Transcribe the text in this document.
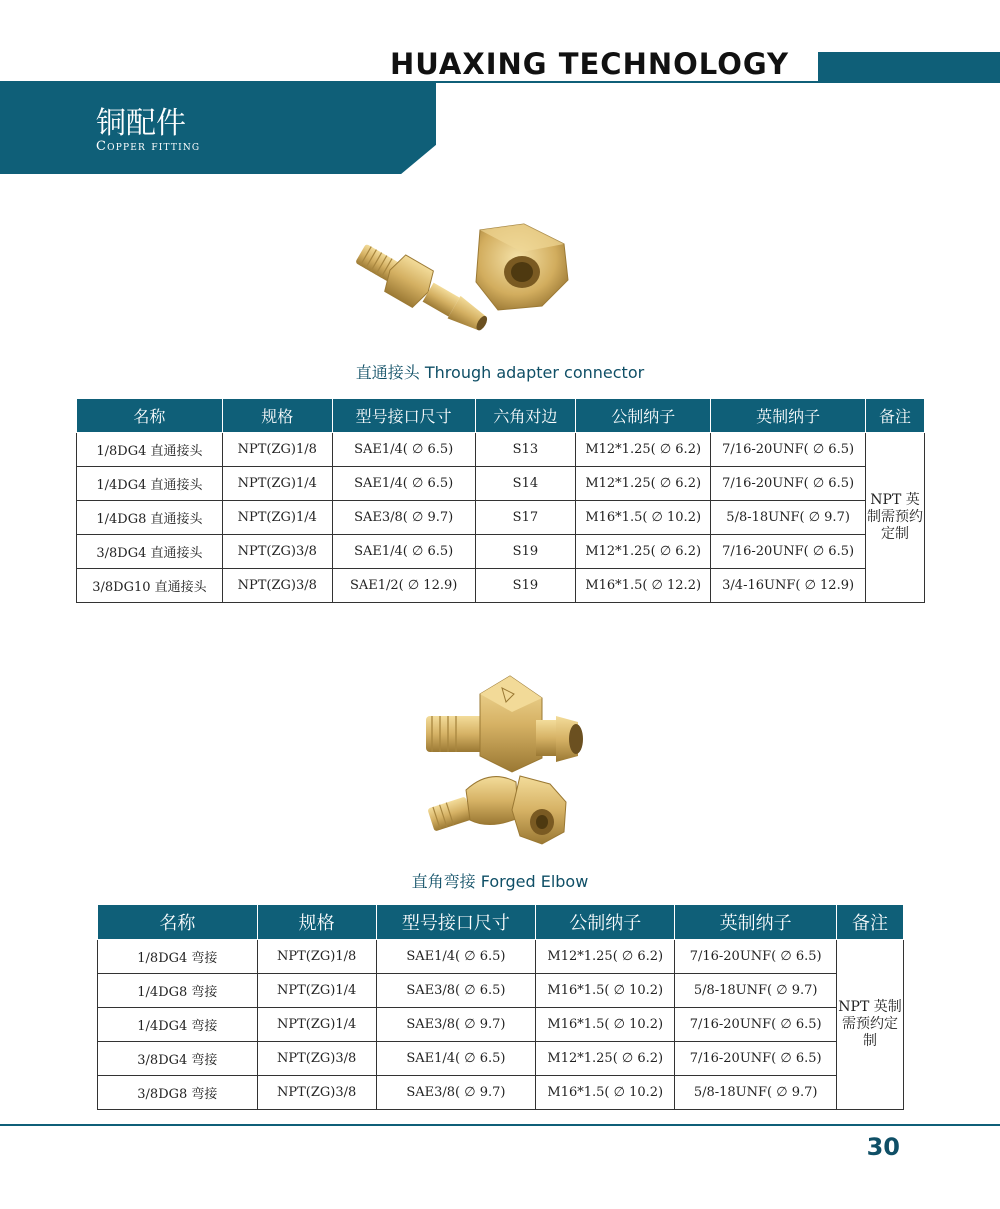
HUAXING TECHNOLOGY
铜配件
Copper fitting
直通接头 Through adapter connector
名称	规格	型号接口尺寸	六角对边	公制纳子	英制纳子	备注
1/8DG4 直通接头	NPT(ZG)1/8	SAE1/4( ∅ 6.5)	S13	M12*1.25( ∅ 6.2)	7/16-20UNF( ∅ 6.5)	NPT 英制需预约定制
1/4DG4 直通接头	NPT(ZG)1/4	SAE1/4( ∅ 6.5)	S14	M12*1.25( ∅ 6.2)	7/16-20UNF( ∅ 6.5)	
1/4DG8 直通接头	NPT(ZG)1/4	SAE3/8( ∅ 9.7)	S17	M16*1.5( ∅ 10.2)	5/8-18UNF( ∅ 9.7)	
3/8DG4 直通接头	NPT(ZG)3/8	SAE1/4( ∅ 6.5)	S19	M12*1.25( ∅ 6.2)	7/16-20UNF( ∅ 6.5)	
3/8DG10 直通接头	NPT(ZG)3/8	SAE1/2( ∅ 12.9)	S19	M16*1.5( ∅ 12.2)	3/4-16UNF( ∅ 12.9)	
直角弯接 Forged Elbow
名称	规格	型号接口尺寸	公制纳子	英制纳子	备注
1/8DG4 弯接	NPT(ZG)1/8	SAE1/4( ∅ 6.5)	M12*1.25( ∅ 6.2)	7/16-20UNF( ∅ 6.5)	NPT 英制需预约定制
1/4DG8 弯接	NPT(ZG)1/4	SAE3/8( ∅ 6.5)	M16*1.5( ∅ 10.2)	5/8-18UNF( ∅ 9.7)	
1/4DG4 弯接	NPT(ZG)1/4	SAE3/8( ∅ 9.7)	M16*1.5( ∅ 10.2)	7/16-20UNF( ∅ 6.5)	
3/8DG4 弯接	NPT(ZG)3/8	SAE1/4( ∅ 6.5)	M12*1.25( ∅ 6.2)	7/16-20UNF( ∅ 6.5)	
3/8DG8 弯接	NPT(ZG)3/8	SAE3/8( ∅ 9.7)	M16*1.5( ∅ 10.2)	5/8-18UNF( ∅ 9.7)	
30
